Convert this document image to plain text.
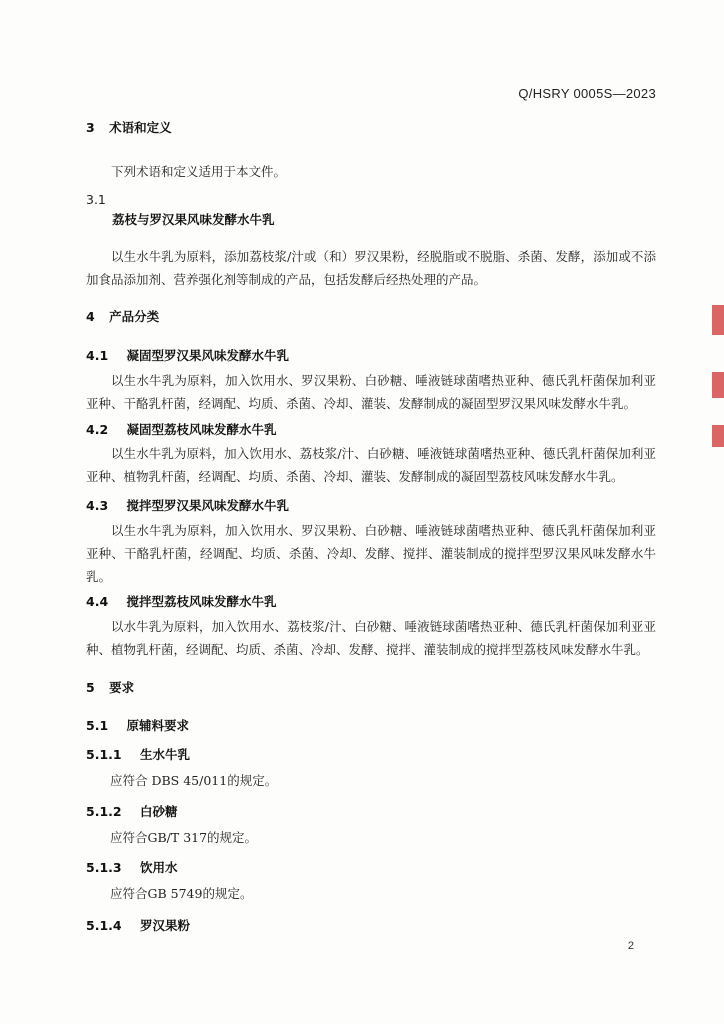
Q/HSRY 0005S—2023
3 术语和定义
下列术语和定义适用于本文件。
3.1
荔枝与罗汉果风味发酵水牛乳
以生水牛乳为原料，添加荔枝浆/汁或（和）罗汉果粉，经脱脂或不脱脂、杀菌、发酵，添加或不添加食品添加剂、营养强化剂等制成的产品，包括发酵后经热处理的产品。
4 产品分类
4.1 凝固型罗汉果风味发酵水牛乳
以生水牛乳为原料，加入饮用水、罗汉果粉、白砂糖、唾液链球菌嗜热亚种、德氏乳杆菌保加利亚亚种、干酪乳杆菌，经调配、均质、杀菌、冷却、灌装、发酵制成的凝固型罗汉果风味发酵水牛乳。
4.2 凝固型荔枝风味发酵水牛乳
以生水牛乳为原料，加入饮用水、荔枝浆/汁、白砂糖、唾液链球菌嗜热亚种、德氏乳杆菌保加利亚亚种、植物乳杆菌，经调配、均质、杀菌、冷却、灌装、发酵制成的凝固型荔枝风味发酵水牛乳。
4.3 搅拌型罗汉果风味发酵水牛乳
以生水牛乳为原料，加入饮用水、罗汉果粉、白砂糖、唾液链球菌嗜热亚种、德氏乳杆菌保加利亚亚种、干酪乳杆菌，经调配、均质、杀菌、冷却、发酵、搅拌、灌装制成的搅拌型罗汉果风味发酵水牛乳。
4.4 搅拌型荔枝风味发酵水牛乳
以水牛乳为原料，加入饮用水、荔枝浆/汁、白砂糖、唾液链球菌嗜热亚种、德氏乳杆菌保加利亚亚种、植物乳杆菌，经调配、均质、杀菌、冷却、发酵、搅拌、灌装制成的搅拌型荔枝风味发酵水牛乳。
5 要求
5.1 原辅料要求
5.1.1 生水牛乳
应符合 DBS 45/011的规定。
5.1.2 白砂糖
应符合GB/T 317的规定。
5.1.3 饮用水
应符合GB 5749的规定。
5.1.4 罗汉果粉
2
